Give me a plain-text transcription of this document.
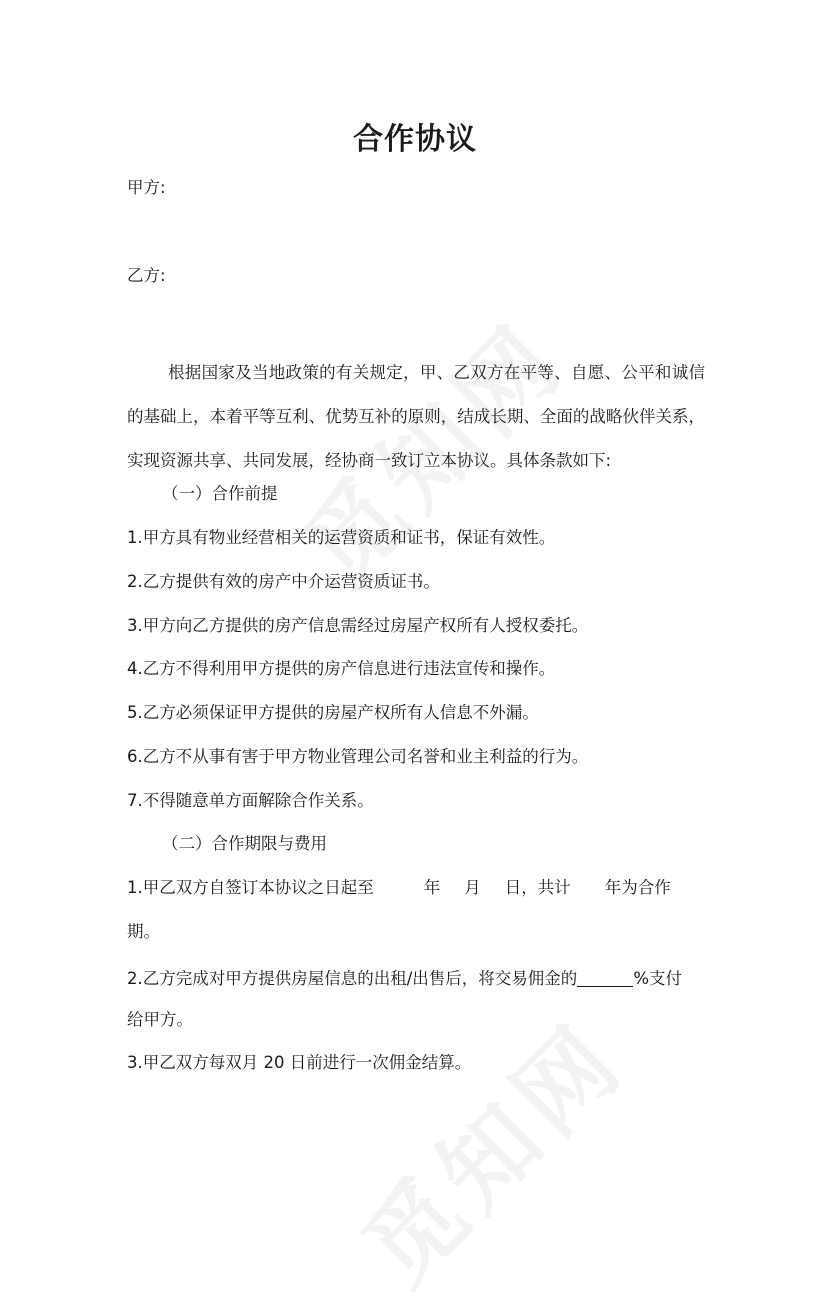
合作协议
甲方:
乙方:
根据国家及当地政策的有关规定，甲、乙双方在平等、自愿、公平和诚信的基础上，本着平等互利、优势互补的原则，结成长期、全面的战略伙伴关系，实现资源共享、共同发展，经协商一致订立本协议。具体条款如下:
（一）合作前提
1.甲方具有物业经营相关的运营资质和证书，保证有效性。
2.乙方提供有效的房产中介运营资质证书。
3.甲方向乙方提供的房产信息需经过房屋产权所有人授权委托。
4.乙方不得利用甲方提供的房产信息进行违法宣传和操作。
5.乙方必须保证甲方提供的房屋产权所有人信息不外漏。
6.乙方不从事有害于甲方物业管理公司名誉和业主利益的行为。
7.不得随意单方面解除合作关系。
（二）合作期限与费用
1.甲乙双方自签订本协议之日起至	年 月 日，共计 年为合作
期。
2.乙方完成对甲方提供房屋信息的出租/出售后，将交易佣金的	%支付
给甲方。
3.甲乙双方每双月 20 日前进行一次佣金结算。
